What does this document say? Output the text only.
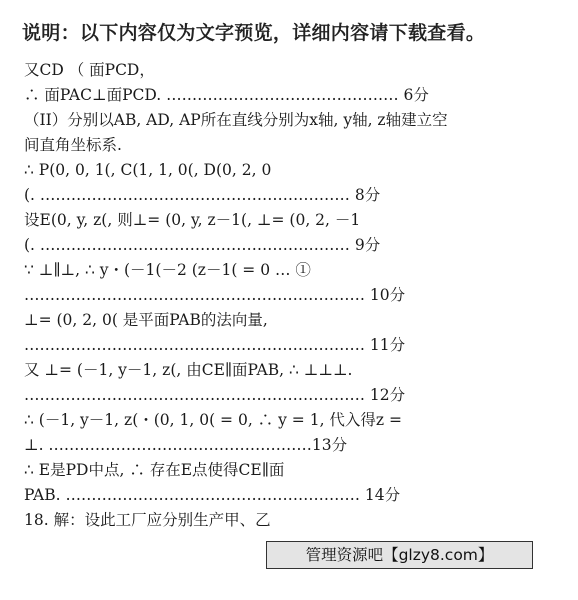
说明：以下内容仅为文字预览，详细内容请下载查看。
又CD （ 面PCD，
∴ 面PAC⊥面PCD. ……………………………………… 6分
（II）分别以AB, AD, AP所在直线分别为x轴, y轴, z轴建立空
间直角坐标系.
∴ P(0, 0, 1(, C(1, 1, 0(, D(0, 2, 0
(. …………………………………………………… 8分
设E(0, y, z(, 则⊥= (0, y, z－1(, ⊥= (0, 2, －1
(. …………………………………………………… 9分
∵ ⊥∥⊥, ∴ y・(－1(－2 (z－1( = 0 … ①
………………………………………………………… 10分
⊥= (0, 2, 0( 是平面PAB的法向量,
………………………………………………………… 11分
又 ⊥= (－1, y－1, z(, 由CE∥面PAB, ∴ ⊥⊥⊥.
………………………………………………………… 12分
∴ (－1, y－1, z(・(0, 1, 0( = 0, ∴ y = 1, 代入得z =
⊥. ……………………………………………13分
∴ E是PD中点, ∴ 存在E点使得CE∥面
PAB. ………………………………………………… 14分
18. 解：设此工厂应分别生产甲、乙
管理资源吧【glzy8.com】
